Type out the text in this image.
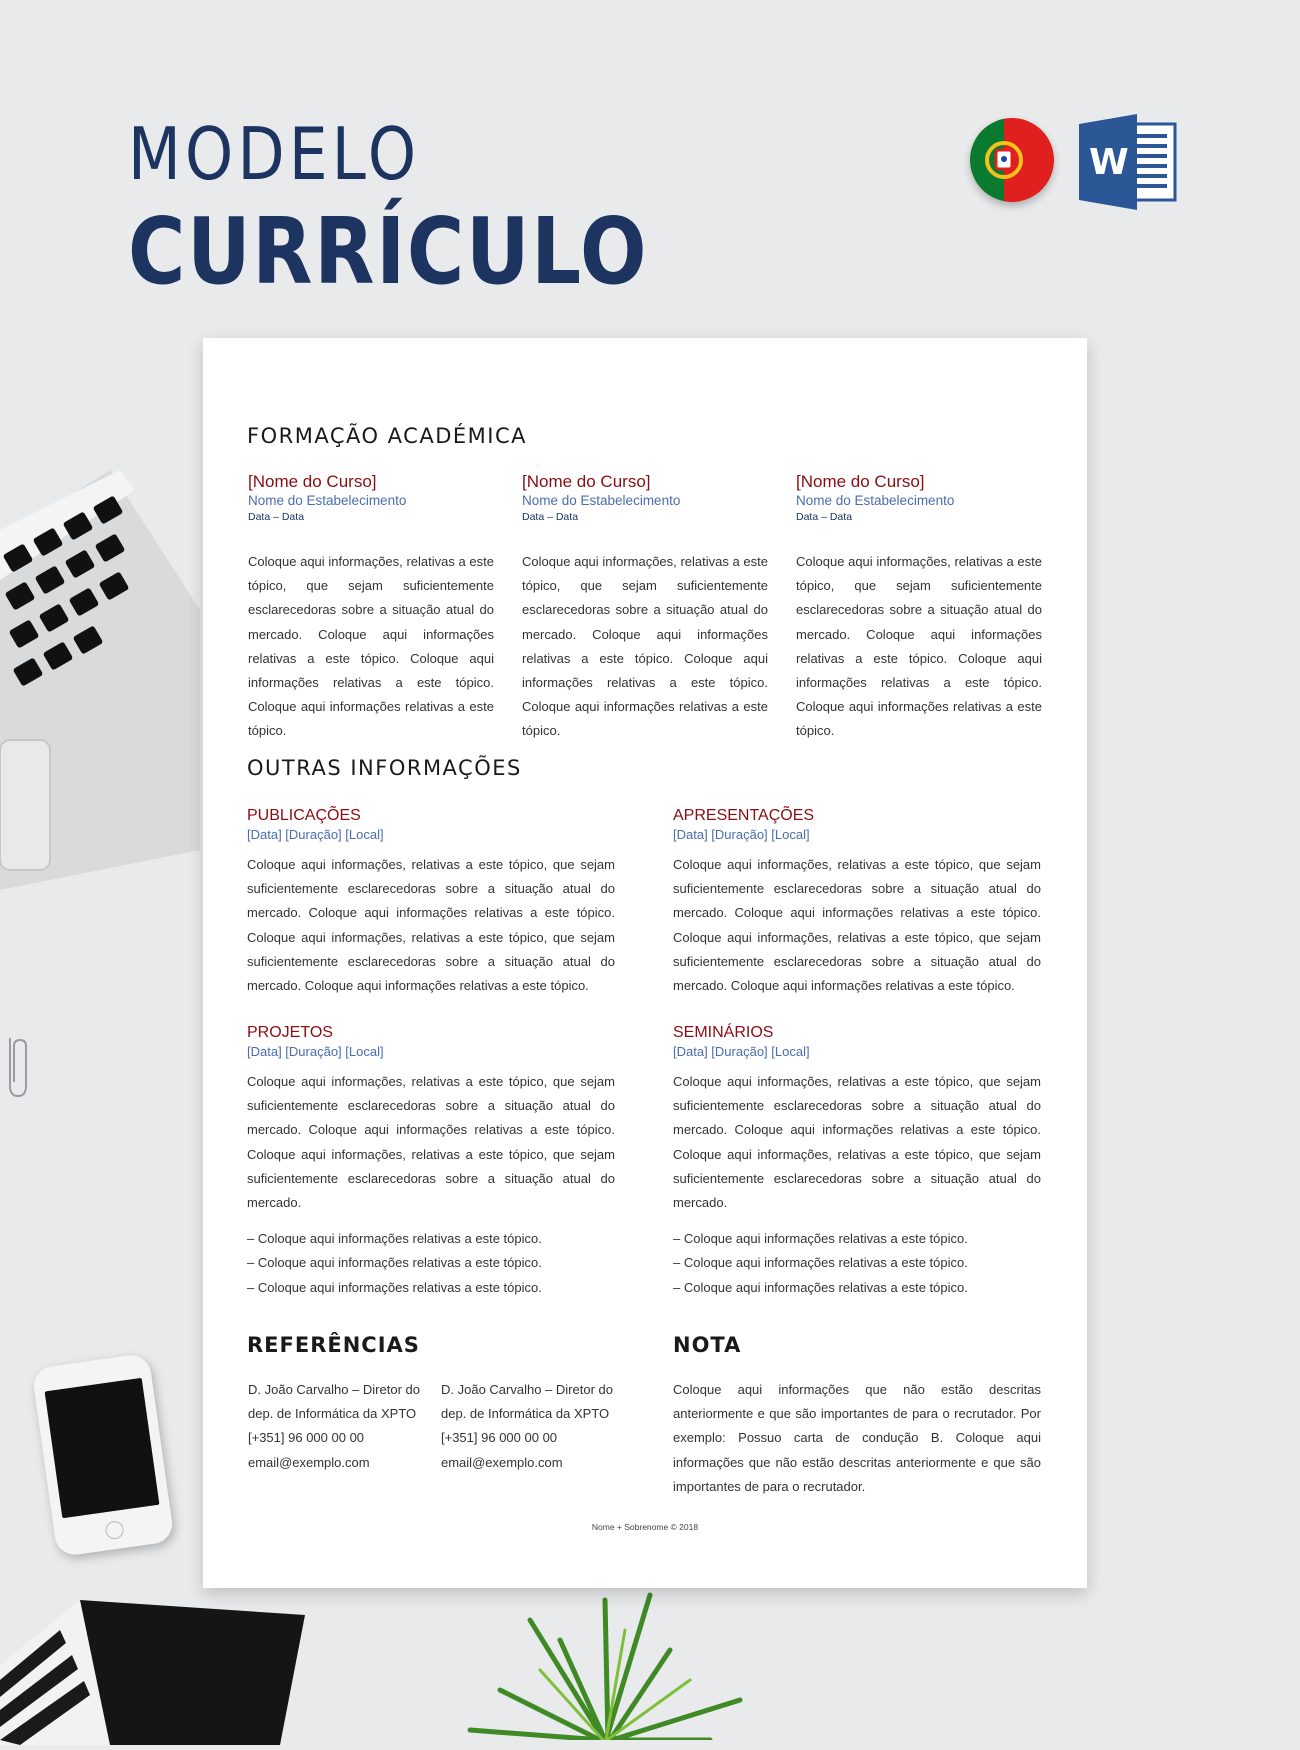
MODELO
CURRÍCULO
W
FORMAÇÃO ACADÉMICA
[Nome do Curso]
Nome do Estabelecimento
Data – Data

Coloque aqui informações, relativas a este tópico, que sejam suficientemente esclarecedoras sobre a situação atual do mercado. Coloque aqui informações relativas a este tópico. Coloque aqui informações relativas a este tópico. Coloque aqui informações relativas a este tópico.

[Nome do Curso]
Nome do Estabelecimento
Data – Data

Coloque aqui informações, relativas a este tópico, que sejam suficientemente esclarecedoras sobre a situação atual do mercado. Coloque aqui informações relativas a este tópico. Coloque aqui informações relativas a este tópico. Coloque aqui informações relativas a este tópico.

[Nome do Curso]
Nome do Estabelecimento
Data – Data

Coloque aqui informações, relativas a este tópico, que sejam suficientemente esclarecedoras sobre a situação atual do mercado. Coloque aqui informações relativas a este tópico. Coloque aqui informações relativas a este tópico. Coloque aqui informações relativas a este tópico.

OUTRAS INFORMAÇÕES
PUBLICAÇÕES
[Data] [Duração] [Local]

Coloque aqui informações, relativas a este tópico, que sejam suficientemente esclarecedoras sobre a situação atual do mercado. Coloque aqui informações relativas a este tópico. Coloque aqui informações, relativas a este tópico, que sejam suficientemente esclarecedoras sobre a situação atual do mercado. Coloque aqui informações relativas a este tópico.

APRESENTAÇÕES
[Data] [Duração] [Local]

Coloque aqui informações, relativas a este tópico, que sejam suficientemente esclarecedoras sobre a situação atual do mercado. Coloque aqui informações relativas a este tópico. Coloque aqui informações, relativas a este tópico, que sejam suficientemente esclarecedoras sobre a situação atual do mercado. Coloque aqui informações relativas a este tópico.

PROJETOS
[Data] [Duração] [Local]

Coloque aqui informações, relativas a este tópico, que sejam suficientemente esclarecedoras sobre a situação atual do mercado. Coloque aqui informações relativas a este tópico. Coloque aqui informações, relativas a este tópico, que sejam suficientemente esclarecedoras sobre a situação atual do mercado.

– Coloque aqui informações relativas a este tópico.
– Coloque aqui informações relativas a este tópico.
– Coloque aqui informações relativas a este tópico.
SEMINÁRIOS
[Data] [Duração] [Local]

Coloque aqui informações, relativas a este tópico, que sejam suficientemente esclarecedoras sobre a situação atual do mercado. Coloque aqui informações relativas a este tópico. Coloque aqui informações, relativas a este tópico, que sejam suficientemente esclarecedoras sobre a situação atual do mercado.

– Coloque aqui informações relativas a este tópico.
– Coloque aqui informações relativas a este tópico.
– Coloque aqui informações relativas a este tópico.
REFERÊNCIAS	NOTA
D. João Carvalho – Diretor do
dep. de Informática da XPTO
[+351] 96 000 00 00
email@exemplo.com
D. João Carvalho – Diretor do
dep. de Informática da XPTO
[+351] 96 000 00 00
email@exemplo.com

Coloque aqui informações que não estão descritas anteriormente e que são importantes de para o recrutador. Por exemplo: Possuo carta de condução B. Coloque aqui informações que não estão descritas anteriormente e que são importantes de para o recrutador.

Nome + Sobrenome © 2018
